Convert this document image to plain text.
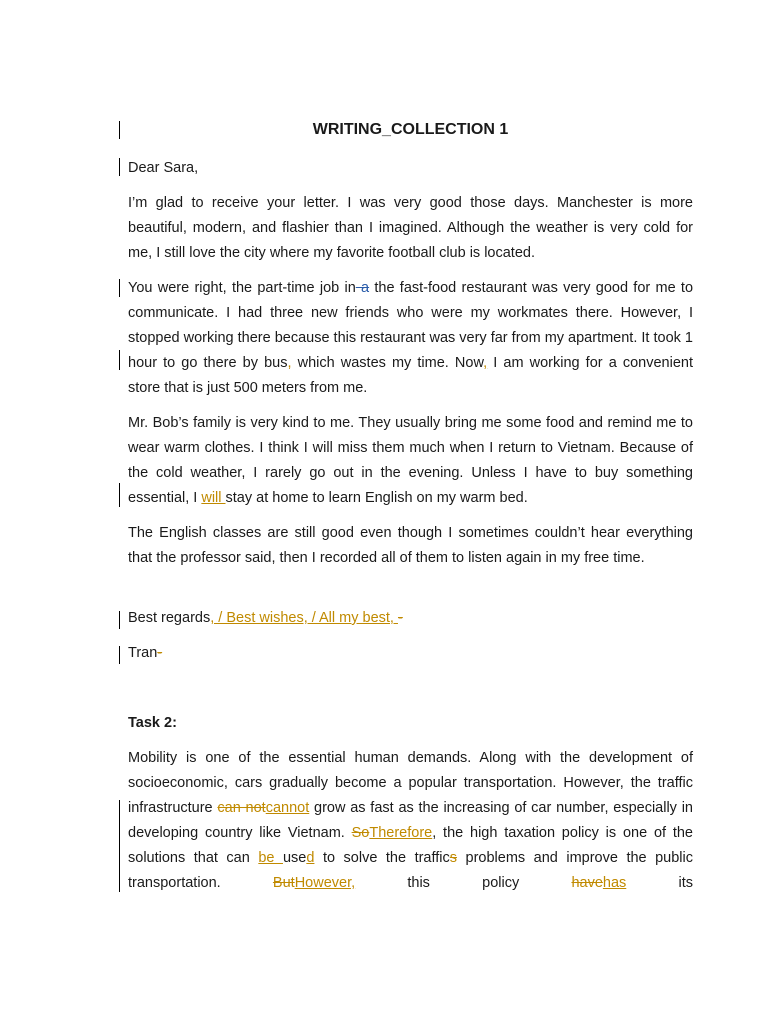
WRITING_COLLECTION 1
Dear Sara,
I’m glad to receive your letter. I was very good those days. Manchester is more beautiful, modern, and flashier than I imagined. Although the weather is very cold for me, I still love the city where my favorite football club is located.
You were right, the part-time job in a the fast-food restaurant was very good for me to communicate. I had three new friends who were my workmates there. However, I stopped working there because this restaurant was very far from my apartment. It took 1 hour to go there by bus, which wastes my time. Now, I am working for a convenient store that is just 500 meters from me.
Mr. Bob’s family is very kind to me. They usually bring me some food and remind me to wear warm clothes. I think I will miss them much when I return to Vietnam. Because of the cold weather, I rarely go out in the evening. Unless I have to buy something essential, I will stay at home to learn English on my warm bed.
The English classes are still good even though I sometimes couldn’t hear everything that the professor said, then I recorded all of them to listen again in my free time.
Best regards, / Best wishes, / All my best, -
Tran-
Task 2:
Mobility is one of the essential human demands. Along with the development of socioeconomic, cars gradually become a popular transportation. However, the traffic infrastructure can notcannot grow as fast as the increasing of car number, especially in developing country like Vietnam. SoTherefore, the high taxation policy is one of the solutions that can be used to solve the traffics problems and improve the public transportation. ButHowever, this policy havehas its
